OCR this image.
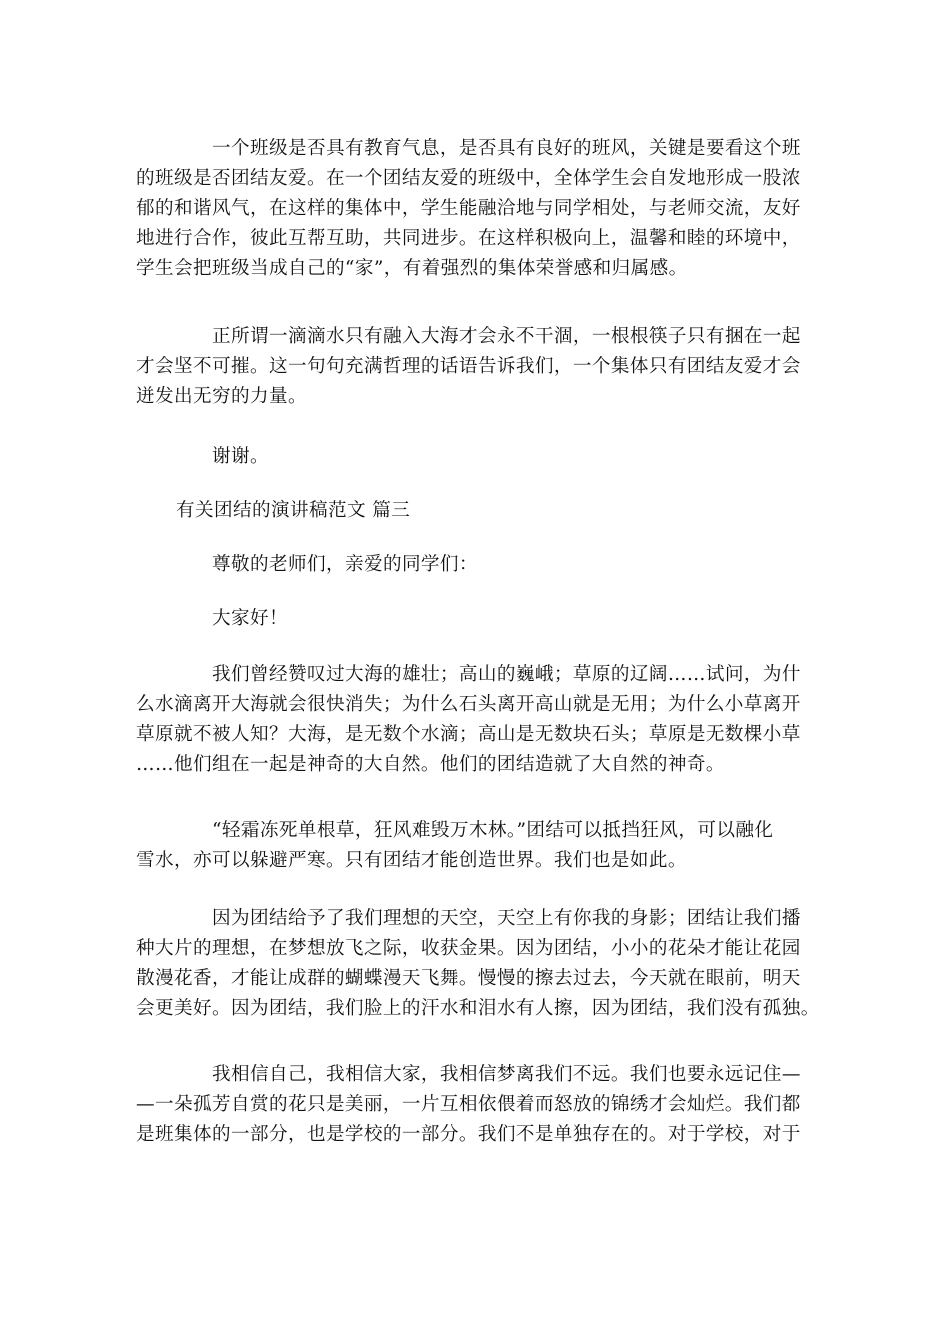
一个班级是否具有教育气息，是否具有良好的班风，关键是要看这个班
的班级是否团结友爱。在一个团结友爱的班级中，全体学生会自发地形成一股浓
郁的和谐风气，在这样的集体中，学生能融洽地与同学相处，与老师交流，友好
地进行合作，彼此互帮互助，共同进步。在这样积极向上，温馨和睦的环境中，
学生会把班级当成自己的“家”，有着强烈的集体荣誉感和归属感。
正所谓一滴滴水只有融入大海才会永不干涸，一根根筷子只有捆在一起
才会坚不可摧。这一句句充满哲理的话语告诉我们，一个集体只有团结友爱才会
迸发出无穷的力量。
谢谢。
有关团结的演讲稿范文 篇三
尊敬的老师们，亲爱的同学们：
大家好！
我们曾经赞叹过大海的雄壮；高山的巍峨；草原的辽阔……试问，为什
么水滴离开大海就会很快消失；为什么石头离开高山就是无用；为什么小草离开
草原就不被人知？大海，是无数个水滴；高山是无数块石头；草原是无数棵小草
……他们组在一起是神奇的大自然。他们的团结造就了大自然的神奇。
“轻霜冻死单根草，狂风难毁万木林。”团结可以抵挡狂风，可以融化
雪水，亦可以躲避严寒。只有团结才能创造世界。我们也是如此。
因为团结给予了我们理想的天空，天空上有你我的身影；团结让我们播
种大片的理想，在梦想放飞之际，收获金果。因为团结，小小的花朵才能让花园
散漫花香，才能让成群的蝴蝶漫天飞舞。慢慢的擦去过去，今天就在眼前，明天
会更美好。因为团结，我们脸上的汗水和泪水有人擦，因为团结，我们没有孤独。
我相信自己，我相信大家，我相信梦离我们不远。我们也要永远记住—
—一朵孤芳自赏的花只是美丽，一片互相依偎着而怒放的锦绣才会灿烂。我们都
是班集体的一部分，也是学校的一部分。我们不是单独存在的。对于学校，对于
